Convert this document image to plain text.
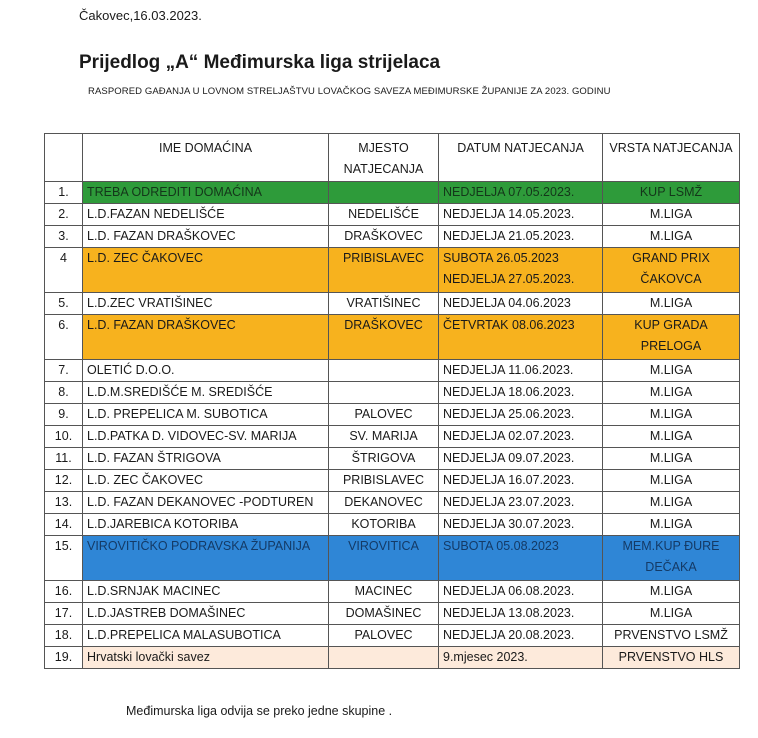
Čakovec,16.03.2023.
Prijedlog „A“ Međimurska liga strijelaca
RASPORED GAĐANJA U LOVNOM STRELJAŠTVU LOVAČKOG SAVEZA MEĐIMURSKE ŽUPANIJE ZA 2023. GODINU
	IME DOMAĆINA	MJESTO NATJECANJA	DATUM NATJECANJA	VRSTA NATJECANJA
1.	TREBA ODREDITI DOMAĆINA		NEDJELJA 07.05.2023.	KUP LSMŽ
2.	L.D.FAZAN NEDELIŠĆE	NEDELIŠĆE	NEDJELJA 14.05.2023.	M.LIGA
3.	L.D. FAZAN DRAŠKOVEC	DRAŠKOVEC	NEDJELJA 21.05.2023.	M.LIGA
4	L.D. ZEC ČAKOVEC	PRIBISLAVEC	SUBOTA 26.05.2023
NEDJELJA 27.05.2023.	GRAND PRIX ČAKOVCA
5.	L.D.ZEC VRATIŠINEC	VRATIŠINEC	NEDJELJA 04.06.2023	M.LIGA
6.	L.D. FAZAN DRAŠKOVEC	DRAŠKOVEC	ČETVRTAK 08.06.2023	KUP GRADA PRELOGA
7.	OLETIĆ D.O.O.		NEDJELJA 11.06.2023.	M.LIGA
8.	L.D.M.SREDIŠĆE M. SREDIŠĆE		NEDJELJA 18.06.2023.	M.LIGA
9.	L.D. PREPELICA M. SUBOTICA	PALOVEC	NEDJELJA 25.06.2023.	M.LIGA
10.	L.D.PATKA D. VIDOVEC-SV. MARIJA	SV. MARIJA	NEDJELJA 02.07.2023.	M.LIGA
11.	L.D. FAZAN ŠTRIGOVA	ŠTRIGOVA	NEDJELJA 09.07.2023.	M.LIGA
12.	L.D. ZEC ČAKOVEC	PRIBISLAVEC	NEDJELJA 16.07.2023.	M.LIGA
13.	L.D. FAZAN DEKANOVEC -PODTUREN	DEKANOVEC	NEDJELJA 23.07.2023.	M.LIGA
14.	L.D.JAREBICA KOTORIBA	KOTORIBA	NEDJELJA 30.07.2023.	M.LIGA
15.	VIROVITIČKO PODRAVSKA ŽUPANIJA	VIROVITICA	SUBOTA 05.08.2023	MEM.KUP ĐURE DEČAKA
16.	L.D.SRNJAK MACINEC	MACINEC	NEDJELJA 06.08.2023.	M.LIGA
17.	L.D.JASTREB DOMAŠINEC	DOMAŠINEC	NEDJELJA 13.08.2023.	M.LIGA
18.	L.D.PREPELICA MALASUBOTICA	PALOVEC	NEDJELJA 20.08.2023.	PRVENSTVO LSMŽ
19.	Hrvatski lovački savez		9.mjesec 2023.	PRVENSTVO HLS
Međimurska liga odvija se preko jedne skupine .
